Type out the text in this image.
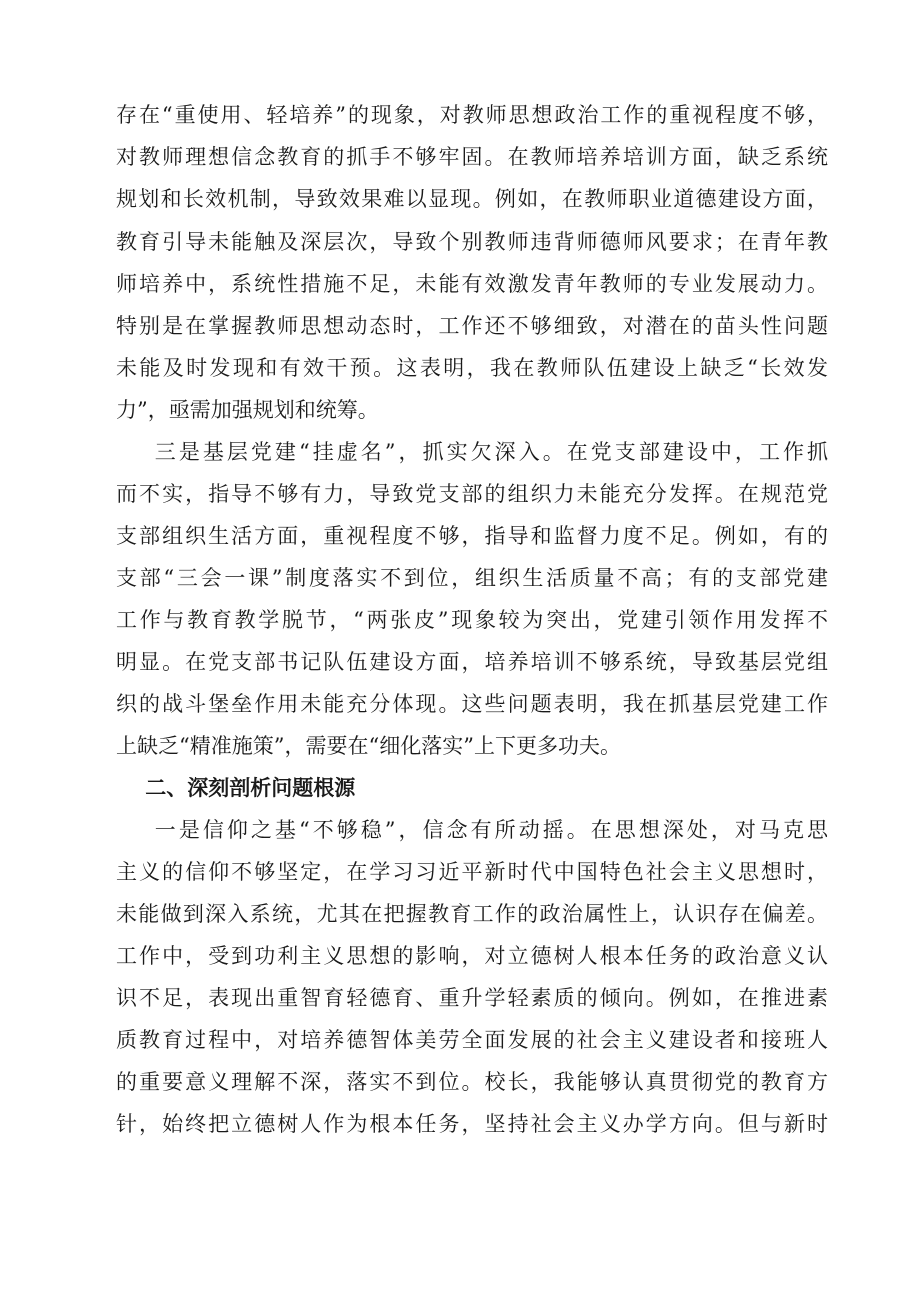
存在“重使用、轻培养”的现象，对教师思想政治工作的重视程度不够，
对教师理想信念教育的抓手不够牢固。在教师培养培训方面，缺乏系统
规划和长效机制，导致效果难以显现。例如，在教师职业道德建设方面，
教育引导未能触及深层次，导致个别教师违背师德师风要求；在青年教
师培养中，系统性措施不足，未能有效激发青年教师的专业发展动力。
特别是在掌握教师思想动态时，工作还不够细致，对潜在的苗头性问题
未能及时发现和有效干预。这表明，我在教师队伍建设上缺乏“长效发
力”，亟需加强规划和统筹。
三是基层党建“挂虚名”，抓实欠深入。在党支部建设中，工作抓
而不实，指导不够有力，导致党支部的组织力未能充分发挥。在规范党
支部组织生活方面，重视程度不够，指导和监督力度不足。例如，有的
支部“三会一课”制度落实不到位，组织生活质量不高；有的支部党建
工作与教育教学脱节，“两张皮”现象较为突出，党建引领作用发挥不
明显。在党支部书记队伍建设方面，培养培训不够系统，导致基层党组
织的战斗堡垒作用未能充分体现。这些问题表明，我在抓基层党建工作
上缺乏“精准施策”，需要在“细化落实”上下更多功夫。
二、深刻剖析问题根源
一是信仰之基“不够稳”，信念有所动摇。在思想深处，对马克思
主义的信仰不够坚定，在学习习近平新时代中国特色社会主义思想时，
未能做到深入系统，尤其在把握教育工作的政治属性上，认识存在偏差。
工作中，受到功利主义思想的影响，对立德树人根本任务的政治意义认
识不足，表现出重智育轻德育、重升学轻素质的倾向。例如，在推进素
质教育过程中，对培养德智体美劳全面发展的社会主义建设者和接班人
的重要意义理解不深，落实不到位。校长，我能够认真贯彻党的教育方
针，始终把立德树人作为根本任务，坚持社会主义办学方向。但与新时
